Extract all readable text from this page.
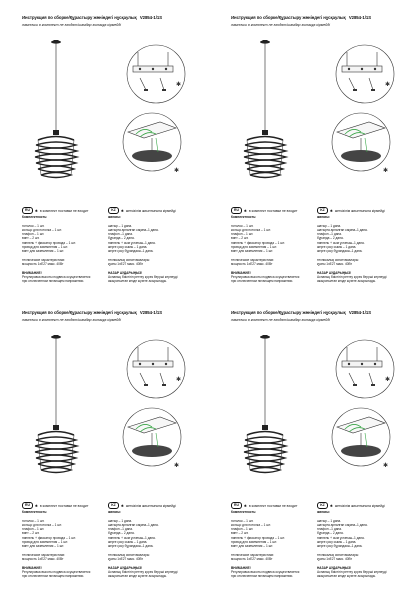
Инструкция по сборке/Құрастыру жөніндегі нұсқаулық V2854-1/1S
лампочки в комплект не входят/шамдар жинаққа кірмейді
✱
✱
RU	✱ в комплект поставки не входит	KZ	✱ жеткізілім жиынтығына кірмейді
Комплектность:
потолок – 1 шт.
кольцо для потолка – 1 шт.
плафон – 1 шт.
винт – 2 шт.
ниппель + фиксатор провода – 1 шт.
провод для заземления – 1 шт.
винт для заземления – 1 шт.
технические характеристики:
мощность 1xE27 макс. 40Вт
ВНИМАНИЕ!
Регулировка высоты подвеса осуществляется
при отключенном питающем напряжении.
жинағы:
шатыр – 1 дана.
шатырға арналған сақина–1 дана.
плафон –1 дана.
бұранда – 2 дана.
ниппель + сым ұстағыш–1 дана.
жерге қосу сымы – 1 дана.
жерге қосу бұрандасы–1 дана.
техникалық сипаттамалары:
қуаты 1xE27 макс. 40Вт
НАЗАР АУДАРЫҢЫЗ!
Аспаның биіктігін реттеу қорек беруші кернеуді
ажыратылған кезде жүзеге асырылады.
Инструкция по сборке/Құрастыру жөніндегі нұсқаулық V2854-1/1S
лампочки в комплект не входят/шамдар жинаққа кірмейді
✱
✱
RU	✱ в комплект поставки не входит	KZ	✱ жеткізілім жиынтығына кірмейді
Комплектность:
потолок – 1 шт.
кольцо для потолка – 1 шт.
плафон – 1 шт.
винт – 2 шт.
ниппель + фиксатор провода – 1 шт.
провод для заземления – 1 шт.
винт для заземления – 1 шт.
технические характеристики:
мощность 1xE27 макс. 40Вт
ВНИМАНИЕ!
Регулировка высоты подвеса осуществляется
при отключенном питающем напряжении.
жинағы:
шатыр – 1 дана.
шатырға арналған сақина–1 дана.
плафон –1 дана.
бұранда – 2 дана.
ниппель + сым ұстағыш–1 дана.
жерге қосу сымы – 1 дана.
жерге қосу бұрандасы–1 дана.
техникалық сипаттамалары:
қуаты 1xE27 макс. 40Вт
НАЗАР АУДАРЫҢЫЗ!
Аспаның биіктігін реттеу қорек беруші кернеуді
ажыратылған кезде жүзеге асырылады.
Инструкция по сборке/Құрастыру жөніндегі нұсқаулық V2854-1/1S
лампочки в комплект не входят/шамдар жинаққа кірмейді
✱
✱
RU	✱ в комплект поставки не входит	KZ	✱ жеткізілім жиынтығына кірмейді
Комплектность:
потолок – 1 шт.
кольцо для потолка – 1 шт.
плафон – 1 шт.
винт – 2 шт.
ниппель + фиксатор провода – 1 шт.
провод для заземления – 1 шт.
винт для заземления – 1 шт.
технические характеристики:
мощность 1xE27 макс. 40Вт
ВНИМАНИЕ!
Регулировка высоты подвеса осуществляется
при отключенном питающем напряжении.
жинағы:
шатыр – 1 дана.
шатырға арналған сақина–1 дана.
плафон –1 дана.
бұранда – 2 дана.
ниппель + сым ұстағыш–1 дана.
жерге қосу сымы – 1 дана.
жерге қосу бұрандасы–1 дана.
техникалық сипаттамалары:
қуаты 1xE27 макс. 40Вт
НАЗАР АУДАРЫҢЫЗ!
Аспаның биіктігін реттеу қорек беруші кернеуді
ажыратылған кезде жүзеге асырылады.
Инструкция по сборке/Құрастыру жөніндегі нұсқаулық V2854-1/1S
лампочки в комплект не входят/шамдар жинаққа кірмейді
✱
✱
RU	✱ в комплект поставки не входит	KZ	✱ жеткізілім жиынтығына кірмейді
Комплектность:
потолок – 1 шт.
кольцо для потолка – 1 шт.
плафон – 1 шт.
винт – 2 шт.
ниппель + фиксатор провода – 1 шт.
провод для заземления – 1 шт.
винт для заземления – 1 шт.
технические характеристики:
мощность 1xE27 макс. 40Вт
ВНИМАНИЕ!
Регулировка высоты подвеса осуществляется
при отключенном питающем напряжении.
жинағы:
шатыр – 1 дана.
шатырға арналған сақина–1 дана.
плафон –1 дана.
бұранда – 2 дана.
ниппель + сым ұстағыш–1 дана.
жерге қосу сымы – 1 дана.
жерге қосу бұрандасы–1 дана.
техникалық сипаттамалары:
қуаты 1xE27 макс. 40Вт
НАЗАР АУДАРЫҢЫЗ!
Аспаның биіктігін реттеу қорек беруші кернеуді
ажыратылған кезде жүзеге асырылады.
